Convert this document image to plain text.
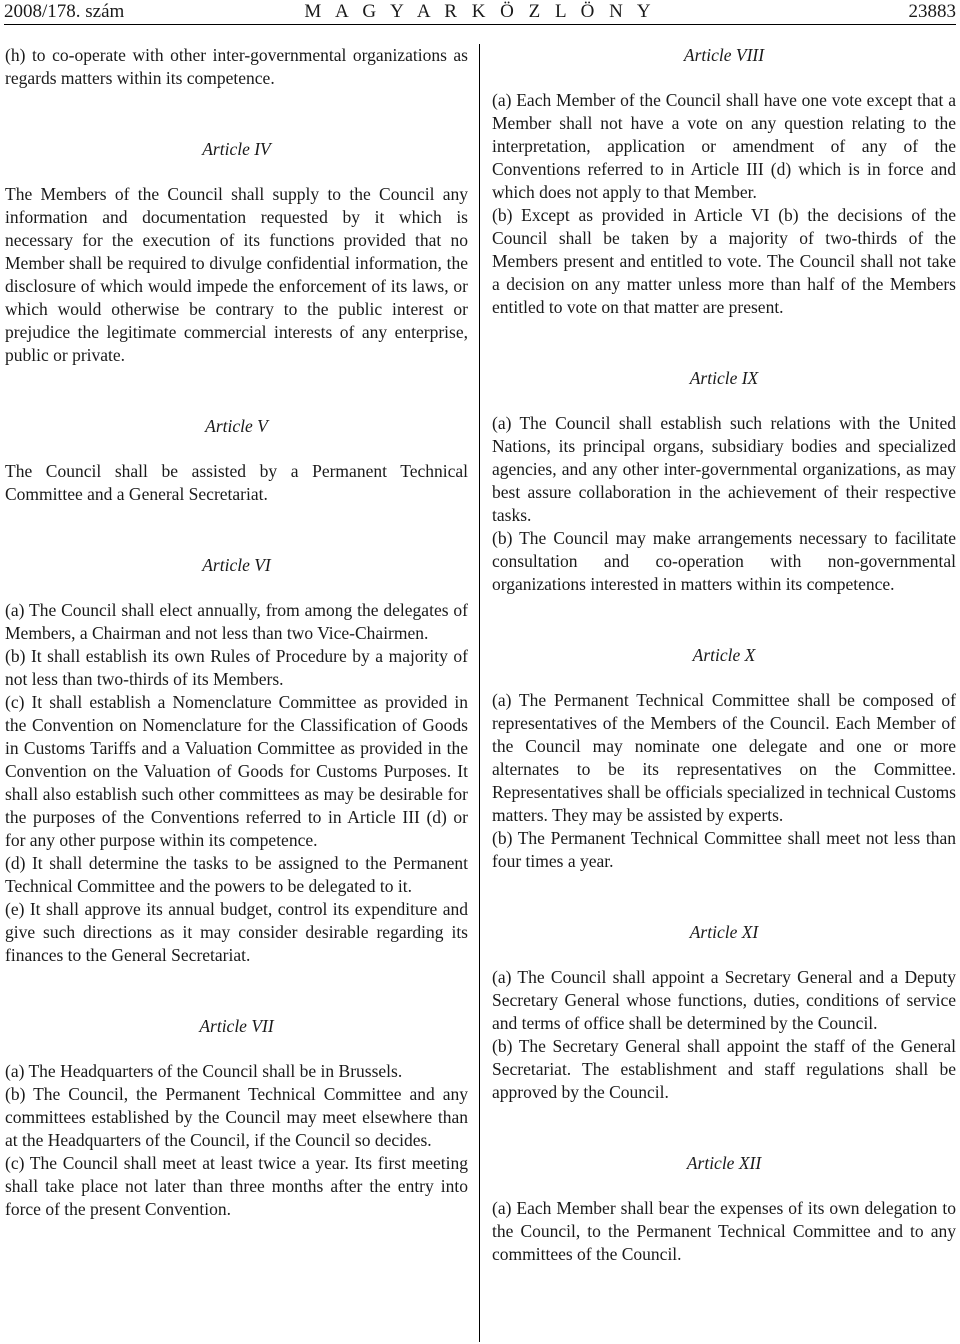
2008/178. szám	M A G Y A R K Ö Z L Ö N Y	23883

(h) to co-operate with other inter-governmental organizations as regards matters within its competence.

Article IV

The Members of the Council shall supply to the Council any information and documentation requested by it which is necessary for the execution of its functions provided that no Member shall be required to divulge confidential information, the disclosure of which would impede the enforcement of its laws, or which would otherwise be contrary to the public interest or prejudice the legitimate commercial interests of any enterprise, public or private.

Article V

The Council shall be assisted by a Permanent Technical Committee and a General Secretariat.

Article VI

(a) The Council shall elect annually, from among the delegates of Members, a Chairman and not less than two Vice-Chairmen.

(b) It shall establish its own Rules of Procedure by a majority of not less than two-thirds of its Members.

(c) It shall establish a Nomenclature Committee as provided in the Convention on Nomenclature for the Classification of Goods in Customs Tariffs and a Valuation Committee as provided in the Convention on the Valuation of Goods for Customs Purposes. It shall also establish such other committees as may be desirable for the purposes of the Conventions referred to in Article III (d) or for any other purpose within its competence.

(d) It shall determine the tasks to be assigned to the Permanent Technical Committee and the powers to be delegated to it.

(e) It shall approve its annual budget, control its expenditure and give such directions as it may consider desirable regarding its finances to the General Secretariat.

Article VII

(a) The Headquarters of the Council shall be in Brussels.

(b) The Council, the Permanent Technical Committee and any committees established by the Council may meet elsewhere than at the Headquarters of the Council, if the Council so decides.

(c) The Council shall meet at least twice a year. Its first meeting shall take place not later than three months after the entry into force of the present Convention.

Article VIII

(a) Each Member of the Council shall have one vote except that a Member shall not have a vote on any question relating to the interpretation, application or amendment of any of the Conventions referred to in Article III (d) which is in force and which does not apply to that Member.

(b) Except as provided in Article VI (b) the decisions of the Council shall be taken by a majority of two-thirds of the Members present and entitled to vote. The Council shall not take a decision on any matter unless more than half of the Members entitled to vote on that matter are present.

Article IX

(a) The Council shall establish such relations with the United Nations, its principal organs, subsidiary bodies and specialized agencies, and any other inter-governmental organizations, as may best assure collaboration in the achievement of their respective tasks.

(b) The Council may make arrangements necessary to facilitate consultation and co-operation with non-governmental organizations interested in matters within its competence.

Article X

(a) The Permanent Technical Committee shall be composed of representatives of the Members of the Council. Each Member of the Council may nominate one delegate and one or more alternates to be its representatives on the Committee. Representatives shall be officials specialized in technical Customs matters. They may be assisted by experts.

(b) The Permanent Technical Committee shall meet not less than four times a year.

Article XI

(a) The Council shall appoint a Secretary General and a Deputy Secretary General whose functions, duties, conditions of service and terms of office shall be determined by the Council.

(b) The Secretary General shall appoint the staff of the General Secretariat. The establishment and staff regulations shall be approved by the Council.

Article XII

(a) Each Member shall bear the expenses of its own delegation to the Council, to the Permanent Technical Committee and to any committees of the Council.
